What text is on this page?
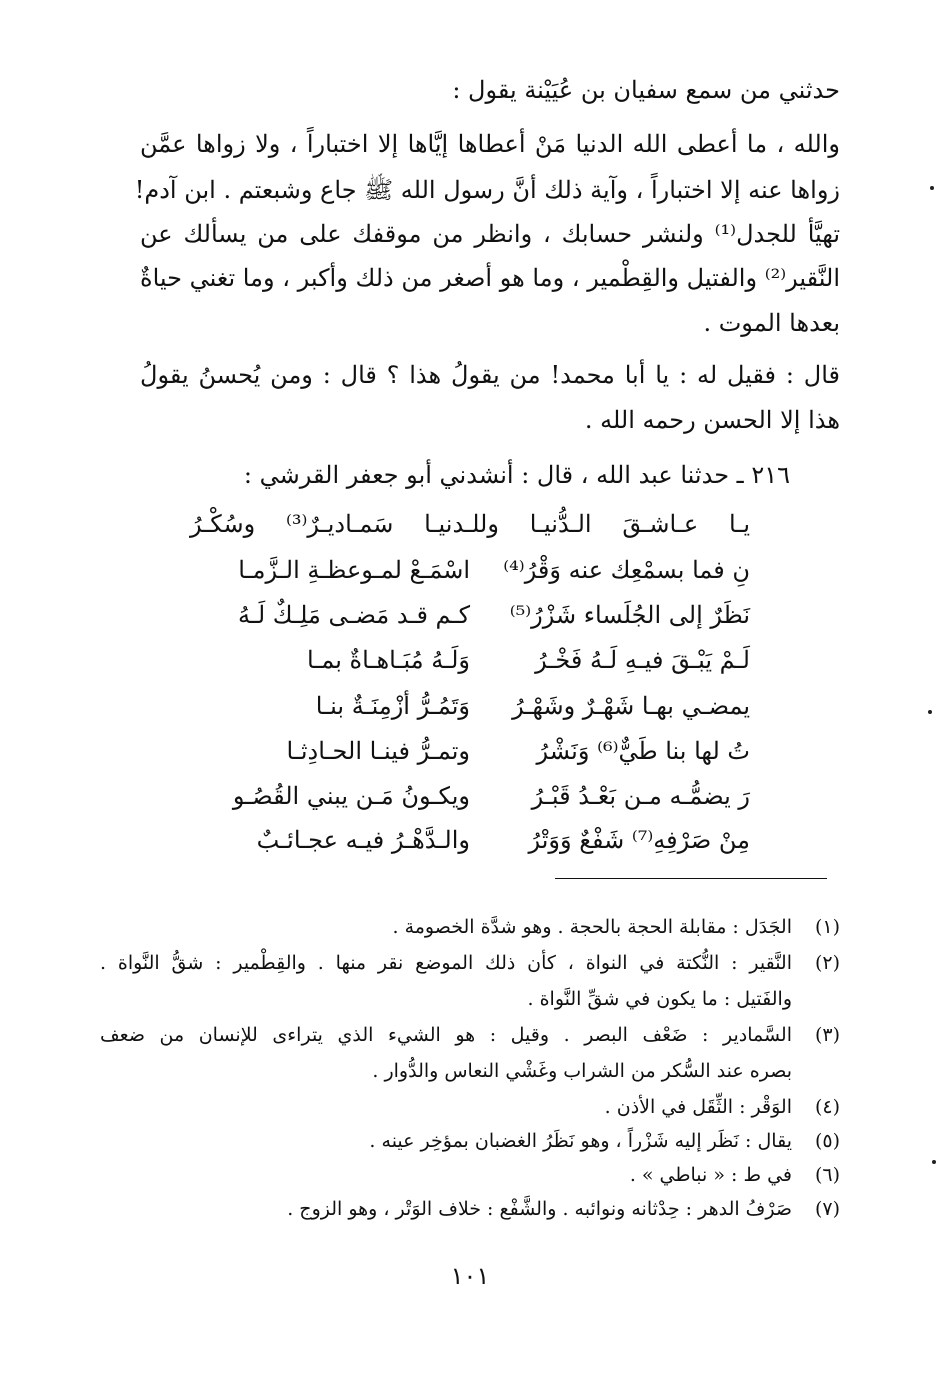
حدثني من سمع سفيان بن عُيَيْنة يقول :
والله ، ما أعطى الله الدنيا مَنْ أعطاها إيَّاها إلا اختباراً ، ولا زواها عمَّن
زواها عنه إلا اختباراً ، وآية ذلك أنَّ رسول الله ﷺ جاع وشبعتم . ابن آدم!
تهيَّأ للجدل⁽¹⁾ ولنشر حسابك ، وانظر من موقفك على من يسألك عن
النَّقير⁽²⁾ والفتيل والقِطْمير ، وما هو أصغر من ذلك وأكبر ، وما تغني حياةٌ
بعدها الموت .
قال : فقيل له : يا أبا محمد! من يقولُ هذا ؟ قال : ومن يُحسنُ يقولُ
هذا إلا الحسن رحمه الله .
٢١٦ ـ حدثنا عبد الله ، قال : أنشدني أبو جعفر القرشي :
يـا عـاشـقَ الـدُّنيـا وللـدنيـا سَمـاديـرٌ⁽³⁾ وسُكْـرُ
اسْمَـعْ لمـوعظـةِ الـزَّمـا	نِ فما بسمْعِك عنه وَقْرُ⁽⁴⁾
كـم قـد مَضـى مَلِـكٌ لَـهُ	نَظَرٌ إلى الجُلَساء شَزْرُ⁽⁵⁾
وَلَـهُ مُبَـاهـاةٌ بمـا	لَـمْ يَبْـقَ فيـهِ لَـهُ فَخْـرُ
وَتَمُـرُّ أزْمِنَـةٌ بنـا	يمضـي بهـا شَهْـرٌ وشَهْـرُ
وتمـرُّ فينـا الحـادِثـا	تُ لها بنا طَيٌّ⁽⁶⁾ وَنَشْرُ
ويكـونُ مَـن يبني القُصُـو	رَ يضمُّـه مـن بَعْـدُ قَبْـرُ
والـدَّهْـرُ فيـه عجـائـبٌ	مِنْ صَرْفِهِ⁽⁷⁾ شَفْعٌ وَوَتْرُ
(١)
الجَدَل : مقابلة الحجة بالحجة . وهو شدَّة الخصومة .
(٢)
النَّقير : النُّكتة في النواة ، كأن ذلك الموضع نقر منها . والقِطْمير : شقُّ النَّواة .
والفَتيل : ما يكون في شقِّ النَّواة .
(٣)
السَّمادير : ضَعْف البصر . وقيل : هو الشيء الذي يتراءى للإنسان من ضعف
بصره عند السُّكر من الشراب وغَشْي النعاس والدُّوار .
(٤)
الوَقْر : الثِّقَل في الأذن .
(٥)
يقال : نَظَر إليه شَزْراً ، وهو نَظَرُ الغضبان بمؤخِر عينه .
(٦)
في ط : « نباطي » .
(٧)
صَرْفُ الدهر : حِدْثانه ونوائبه . والشَّفْع : خلاف الوَتْر ، وهو الزوج .
١٠١
